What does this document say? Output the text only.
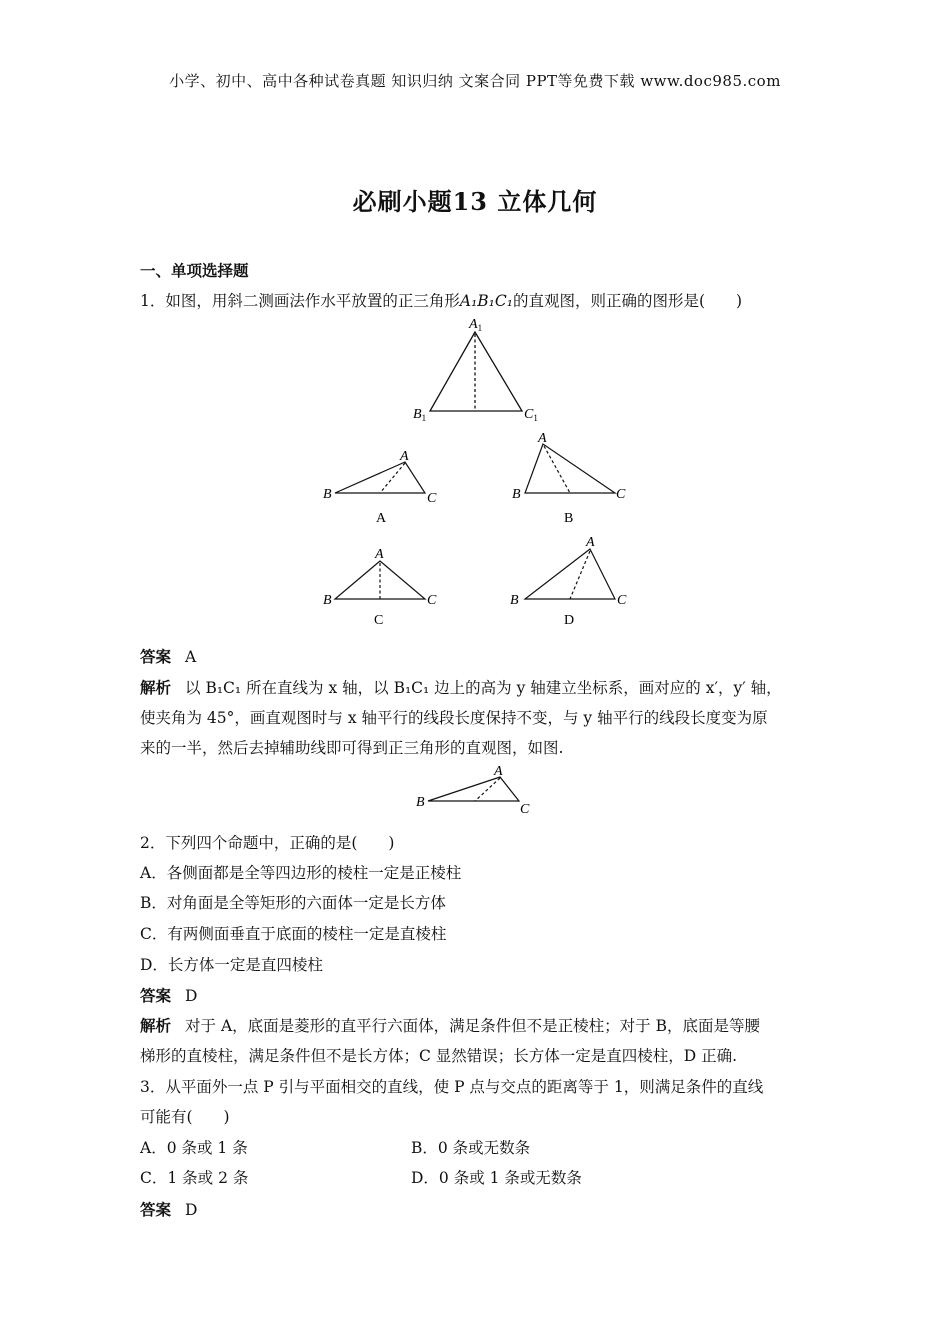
小学、初中、高中各种试卷真题 知识归纳 文案合同 PPT等免费下载 www.doc985.com
必刷小题13 立体几何
一、单项选择题
1．如图，用斜二测画法作水平放置的正三角形A₁B₁C₁的直观图，则正确的图形是(　　)
$A_1$
$B_1$	$C_1$
A
B	C
A
A
B	C
B
A
B	C
C
A
B	C
D
答案 A
解析 以 B₁C₁ 所在直线为 x 轴，以 B₁C₁ 边上的高为 y 轴建立坐标系，画对应的 x′，y′ 轴，
使夹角为 45°，画直观图时与 x 轴平行的线段长度保持不变，与 y 轴平行的线段长度变为原
来的一半，然后去掉辅助线即可得到正三角形的直观图，如图.
A
B	C
2．下列四个命题中，正确的是(　　)
A．各侧面都是全等四边形的棱柱一定是正棱柱
B．对角面是全等矩形的六面体一定是长方体
C．有两侧面垂直于底面的棱柱一定是直棱柱
D．长方体一定是直四棱柱
答案 D
解析 对于 A，底面是菱形的直平行六面体，满足条件但不是正棱柱；对于 B，底面是等腰
梯形的直棱柱，满足条件但不是长方体；C 显然错误；长方体一定是直四棱柱，D 正确.
3．从平面外一点 P 引与平面相交的直线，使 P 点与交点的距离等于 1，则满足条件的直线
可能有(　　)
A．0 条或 1 条	B．0 条或无数条
C．1 条或 2 条	D．0 条或 1 条或无数条
答案 D
